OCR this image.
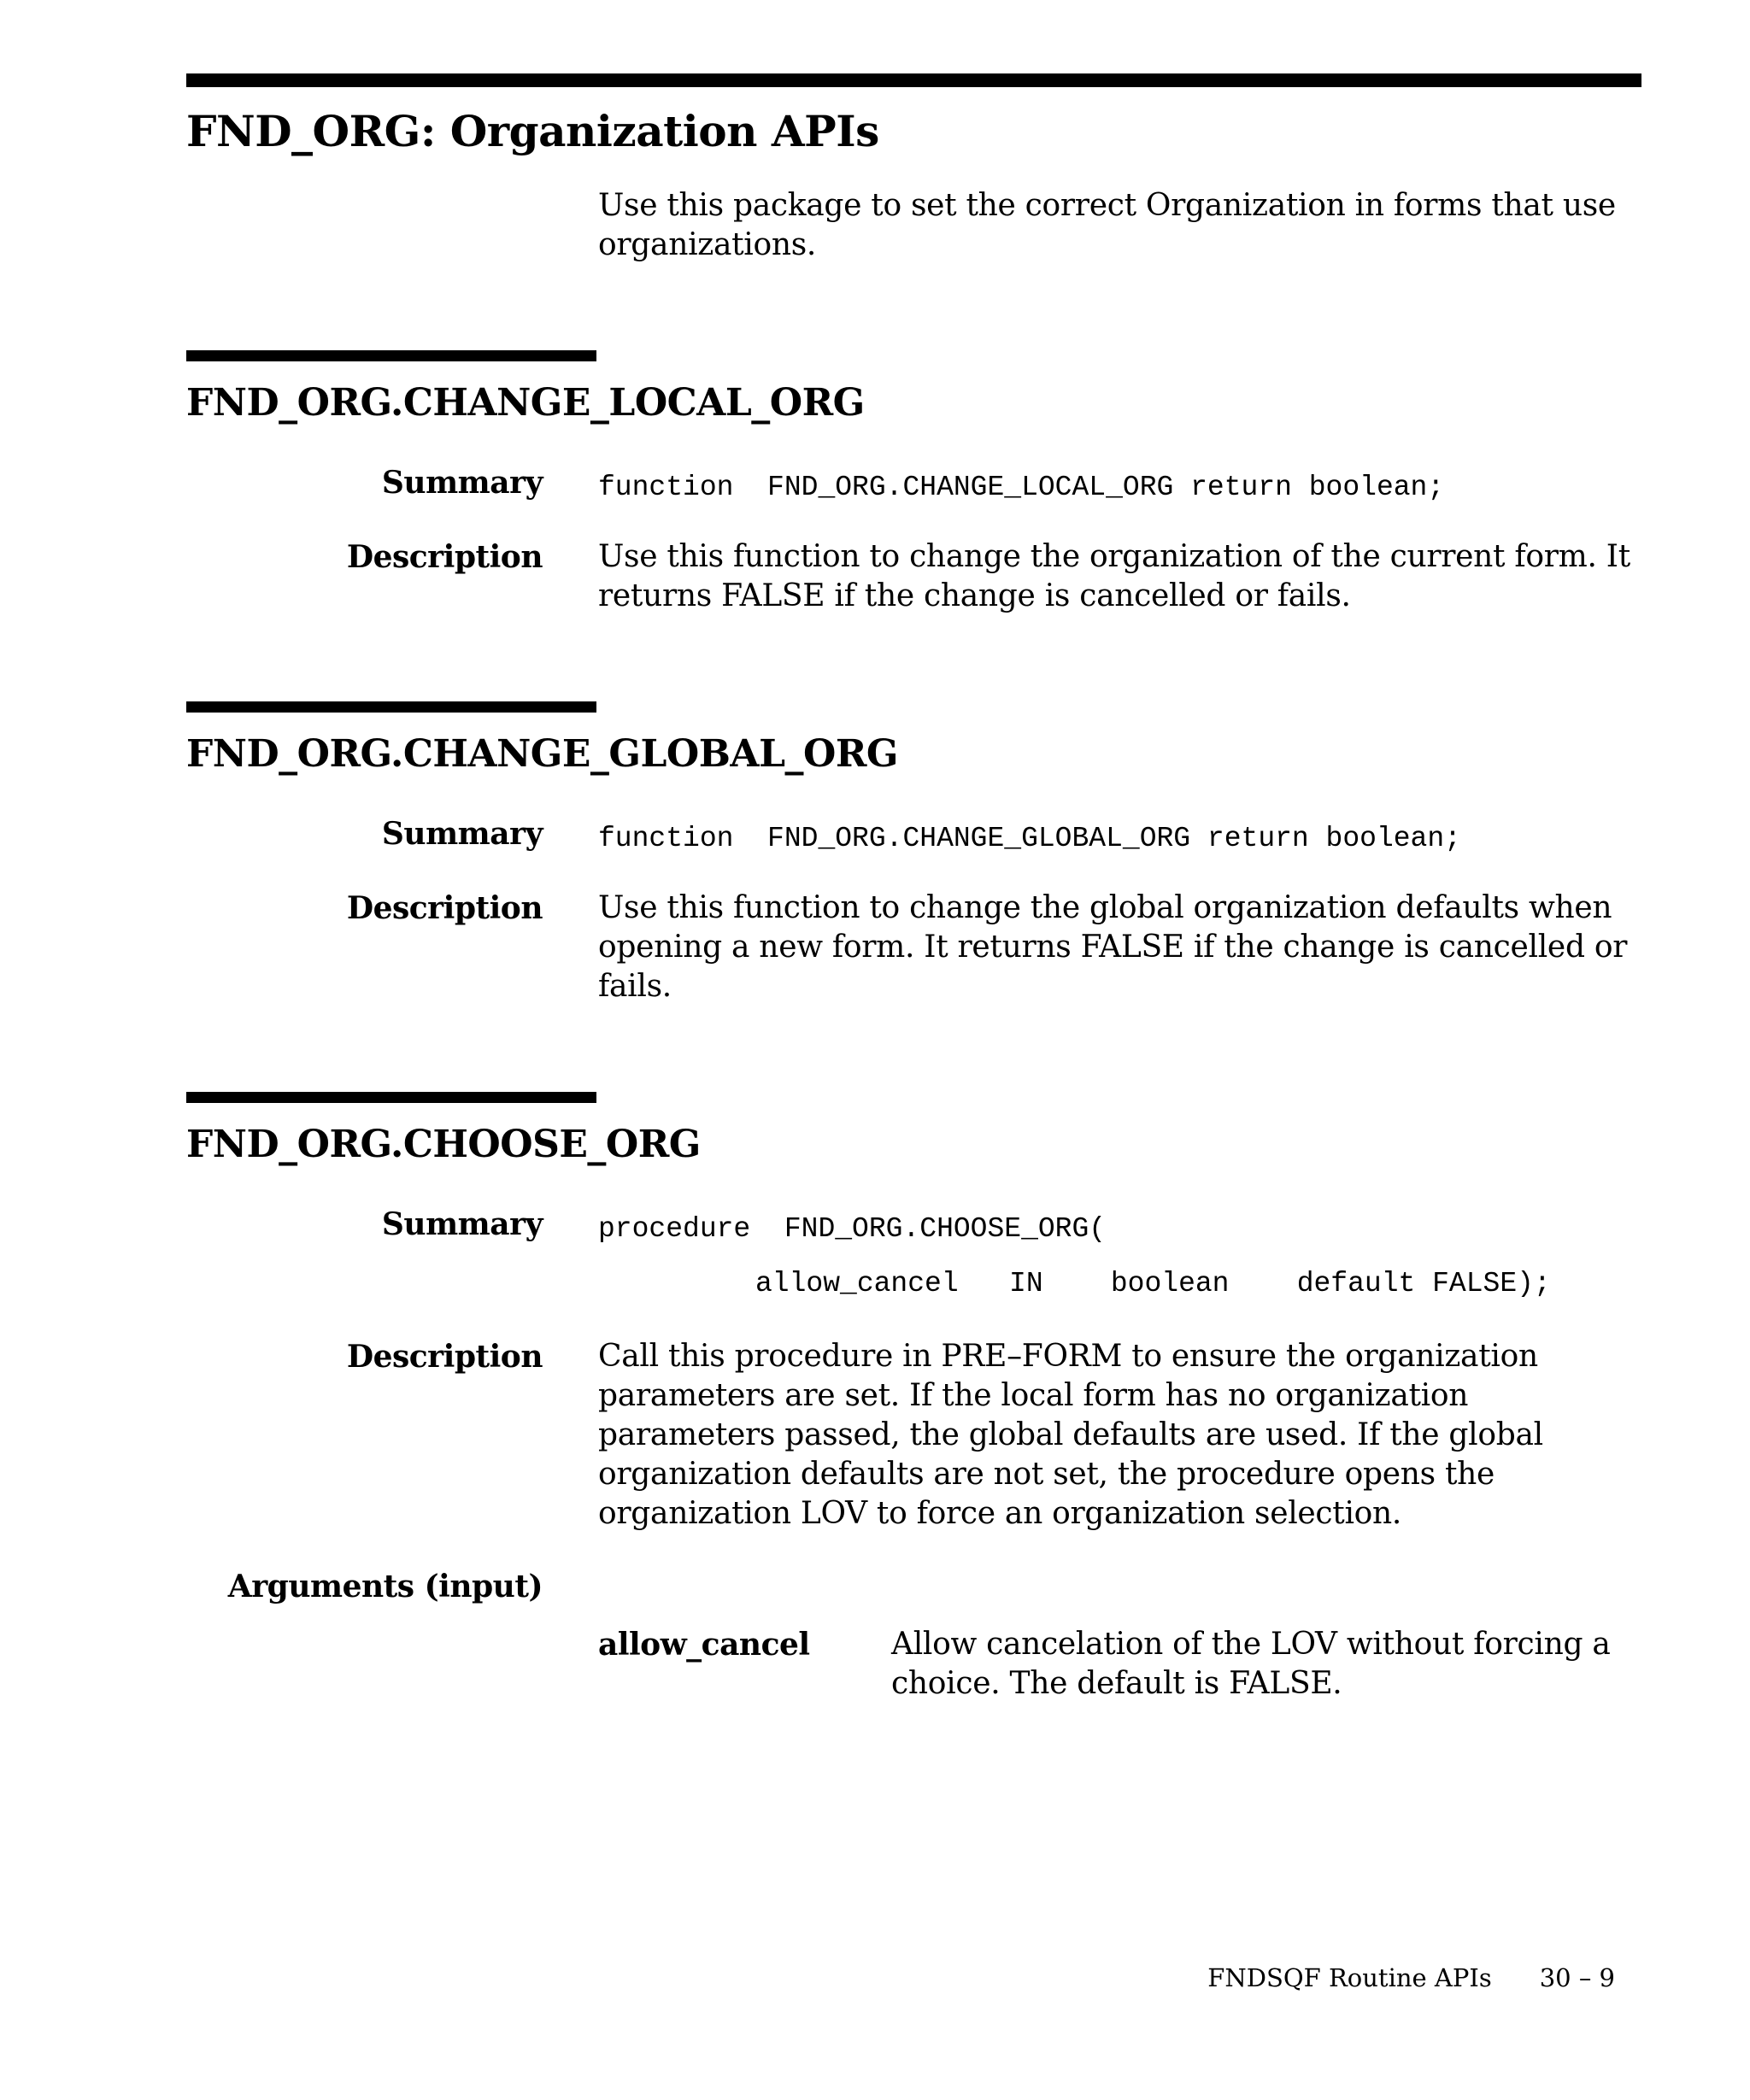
FND_ORG: Organization APIs

Use this package to set the correct Organization in forms that use organizations.

FND_ORG.CHANGE_LOCAL_ORG

Summary function  FND_ORG.CHANGE_LOCAL_ORG return boolean;

Description Use this function to change the organization of the current form. It returns FALSE if the change is cancelled or fails.

FND_ORG.CHANGE_GLOBAL_ORG

Summary function  FND_ORG.CHANGE_GLOBAL_ORG return boolean;

Description Use this function to change the global organization defaults when opening a new form. It returns FALSE if the change is cancelled or fails.

FND_ORG.CHOOSE_ORG

Summary procedure  FND_ORG.CHOOSE_ORG(

allow_cancel   IN    boolean    default FALSE);

Description Call this procedure in PRE–FORM to ensure the organization parameters are set. If the local form has no organization parameters passed, the global defaults are used. If the global organization defaults are not set, the procedure opens the organization LOV to force an organization selection.

Arguments (input)

allow_cancel	Allow cancelation of the LOV without forcing a choice. The default is FALSE.

FNDSQF Routine APIs 30 – 9
